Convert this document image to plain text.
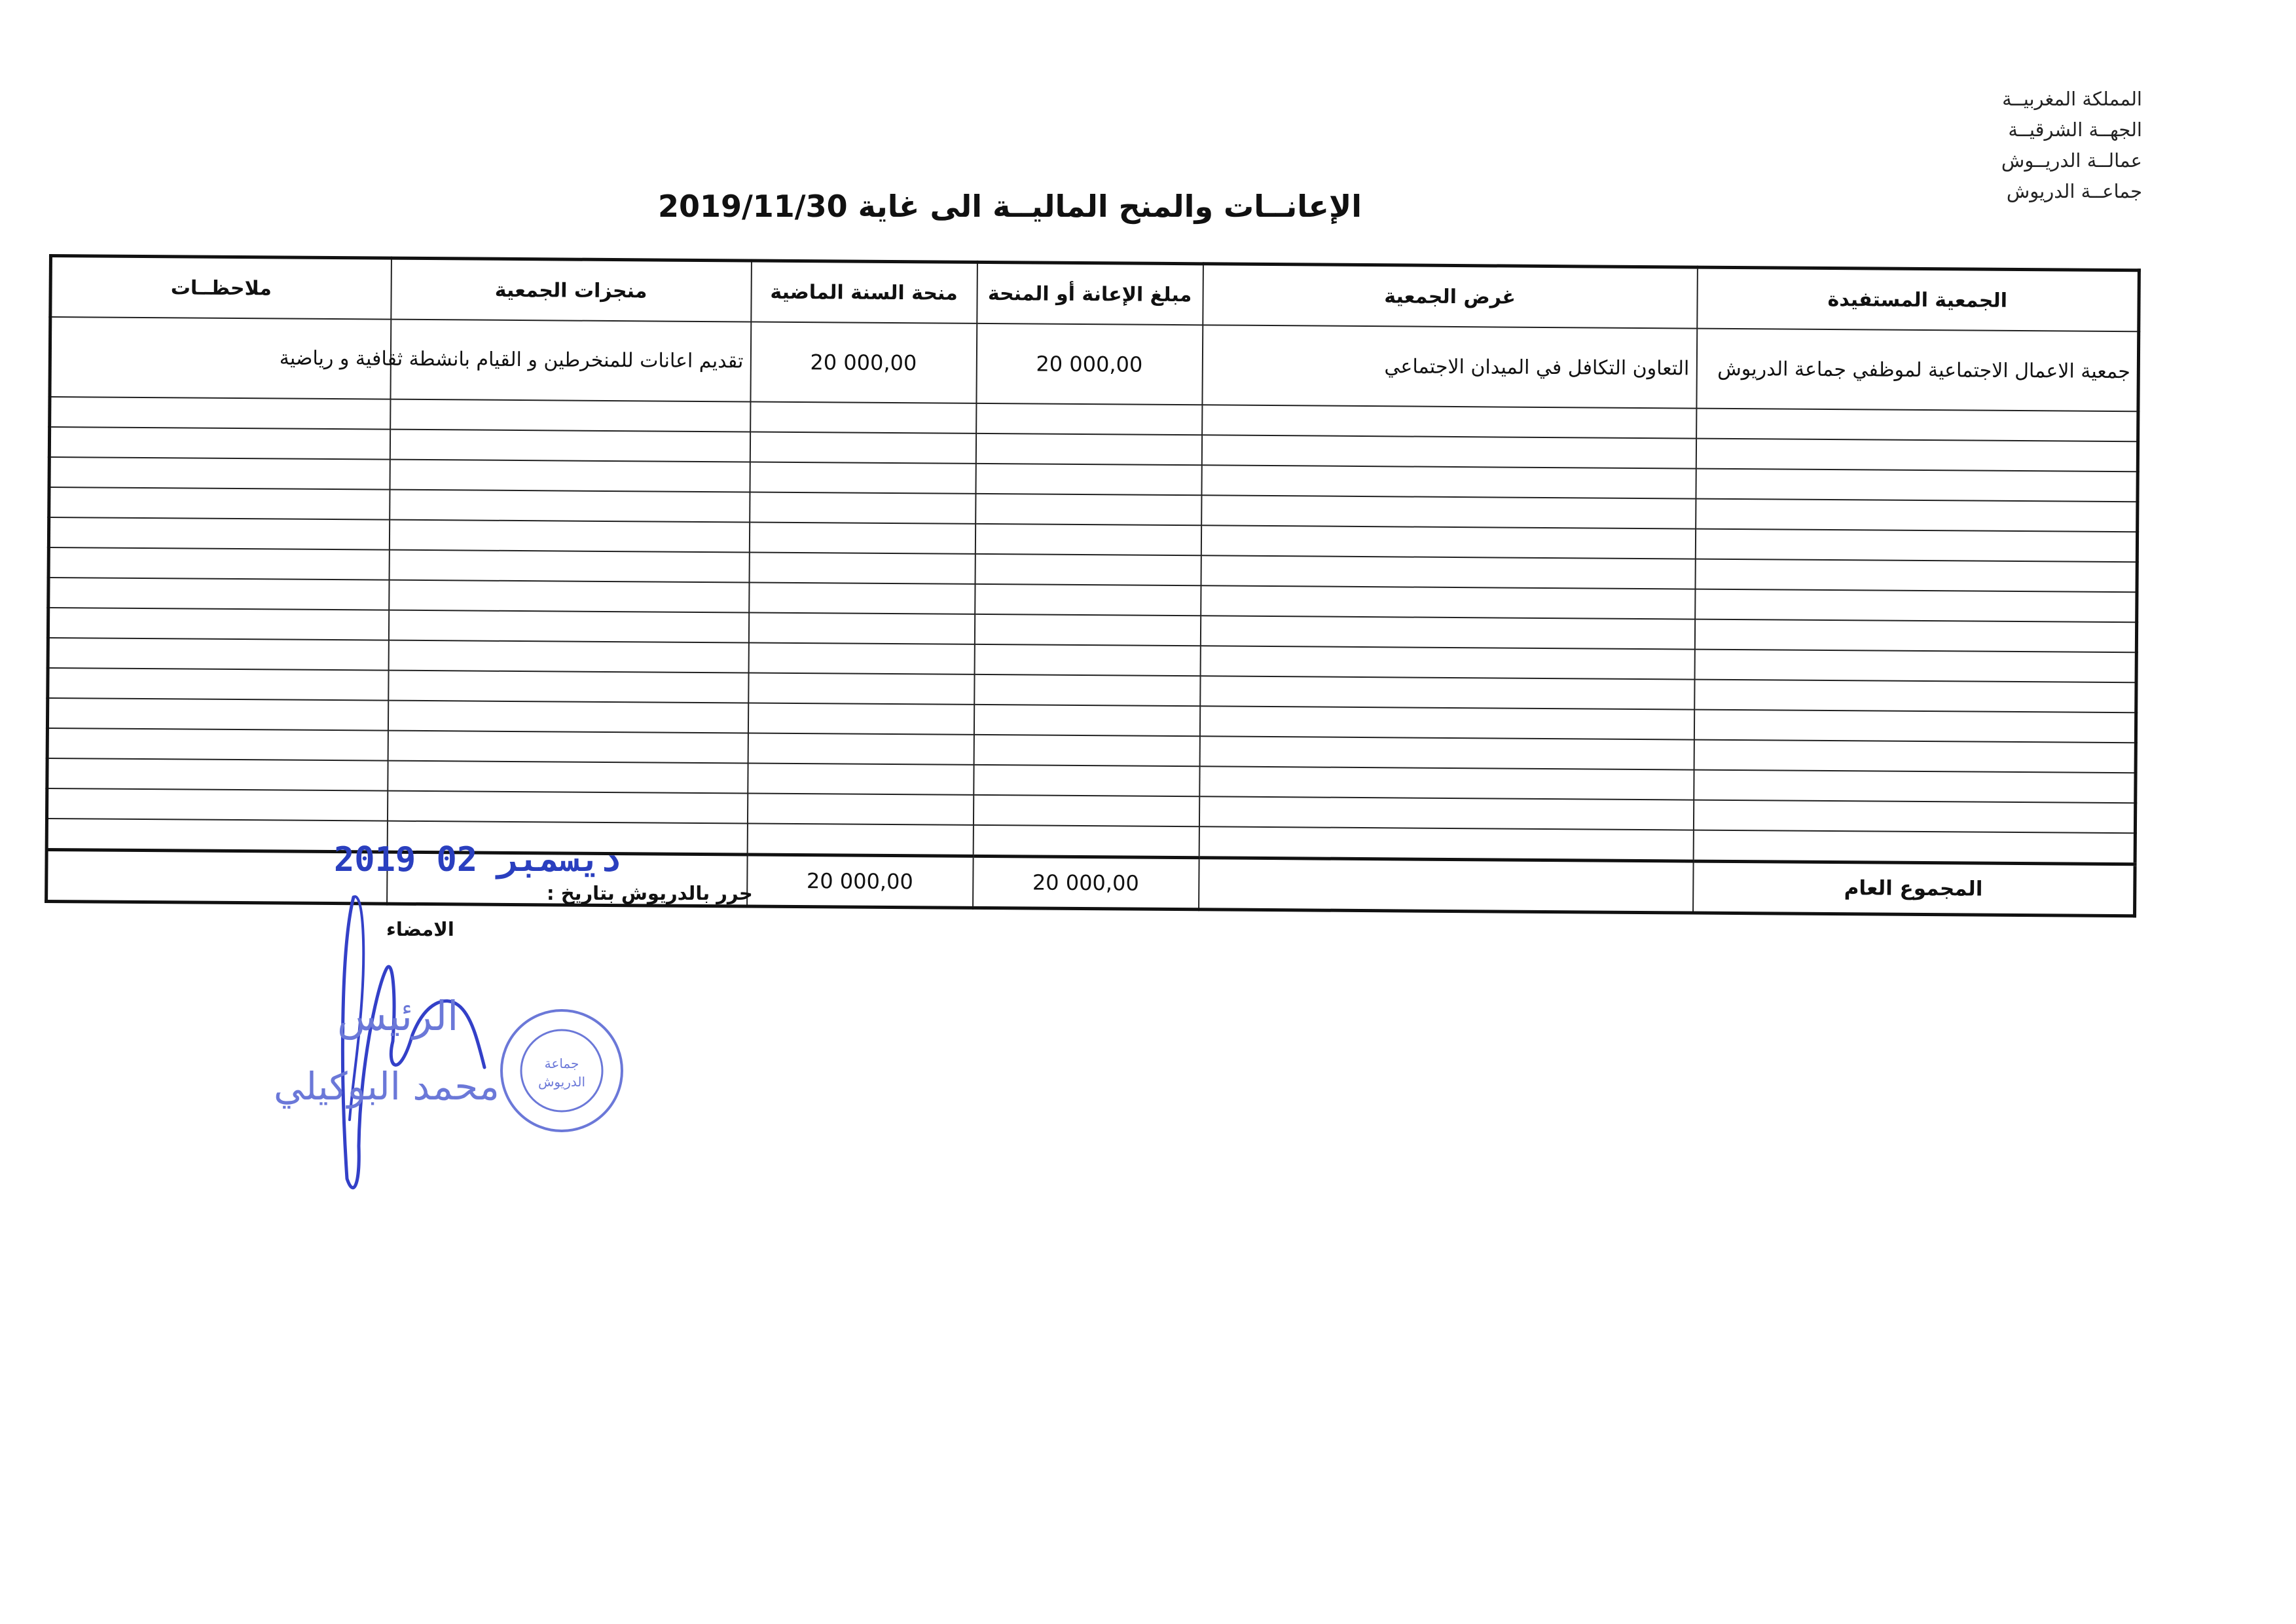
المملكة المغربيــة
الجهــة الشرقيــة
عمالــة الدريــوش
جماعــة الدريوش
الإعانــات والمنح الماليــة الى غاية 2019/11/30
ملاحظــات	منجزات الجمعية	منحة السنة الماضية	مبلغ الإعانة أو المنحة	غرض الجمعية	الجمعية المستفيدة
	تقديم اعانات للمنخرطين و القيام بانشطة ثقافية و رياضية	20 000,00	20 000,00	التعاون التكافل في الميدان الاجتماعي	جمعية الاعمال الاجتماعية لموظفي جماعة الدريوش

		20 000,00	20 000,00		المجموع العام
2019 ديسمبر 02
حرر بالدريوش بتاريخ :
الامضاء
الرئيس
محمد البوكيلي
جماعة
الدريوش
